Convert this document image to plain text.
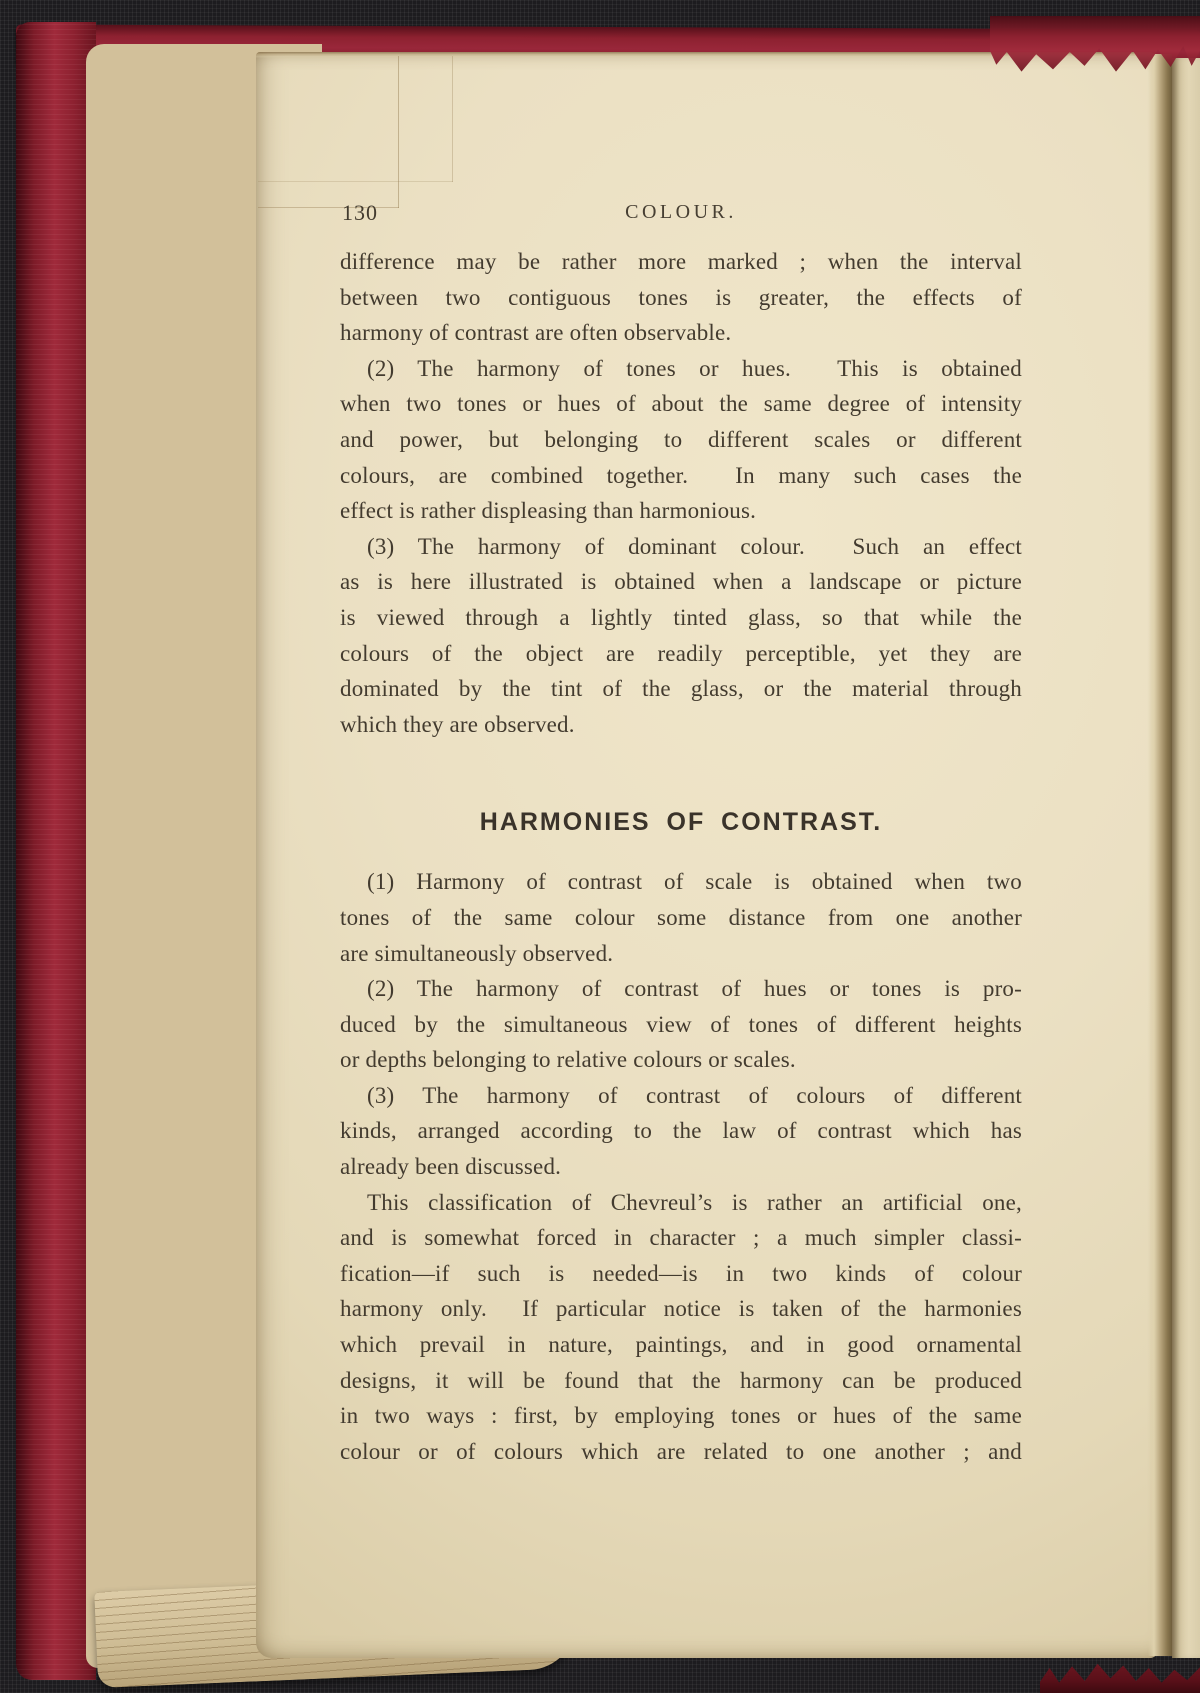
130	COLOUR.
difference may be rather more marked ; when the interval
between two contiguous tones is greater, the effects of
harmony of contrast are often observable.
(2) The harmony of tones or hues.  This is obtained
when two tones or hues of about the same degree of intensity
and power, but belonging to different scales or different
colours, are combined together.  In many such cases the
effect is rather displeasing than harmonious.
(3) The harmony of dominant colour.  Such an effect
as is here illustrated is obtained when a landscape or picture
is viewed through a lightly tinted glass, so that while the
colours of the object are readily perceptible, yet they are
dominated by the tint of the glass, or the material through
which they are observed.
HARMONIES OF CONTRAST.
(1) Harmony of contrast of scale is obtained when two
tones of the same colour some distance from one another
are simultaneously observed.
(2) The harmony of contrast of hues or tones is pro-
duced by the simultaneous view of tones of different heights
or depths belonging to relative colours or scales.
(3) The harmony of contrast of colours of different
kinds, arranged according to the law of contrast which has
already been discussed.
This classification of Chevreul’s is rather an artificial one,
and is somewhat forced in character ; a much simpler classi-
fication—if such is needed—is in two kinds of colour
harmony only.  If particular notice is taken of the harmonies
which prevail in nature, paintings, and in good ornamental
designs, it will be found that the harmony can be produced
in two ways : first, by employing tones or hues of the same
colour or of colours which are related to one another ; and
